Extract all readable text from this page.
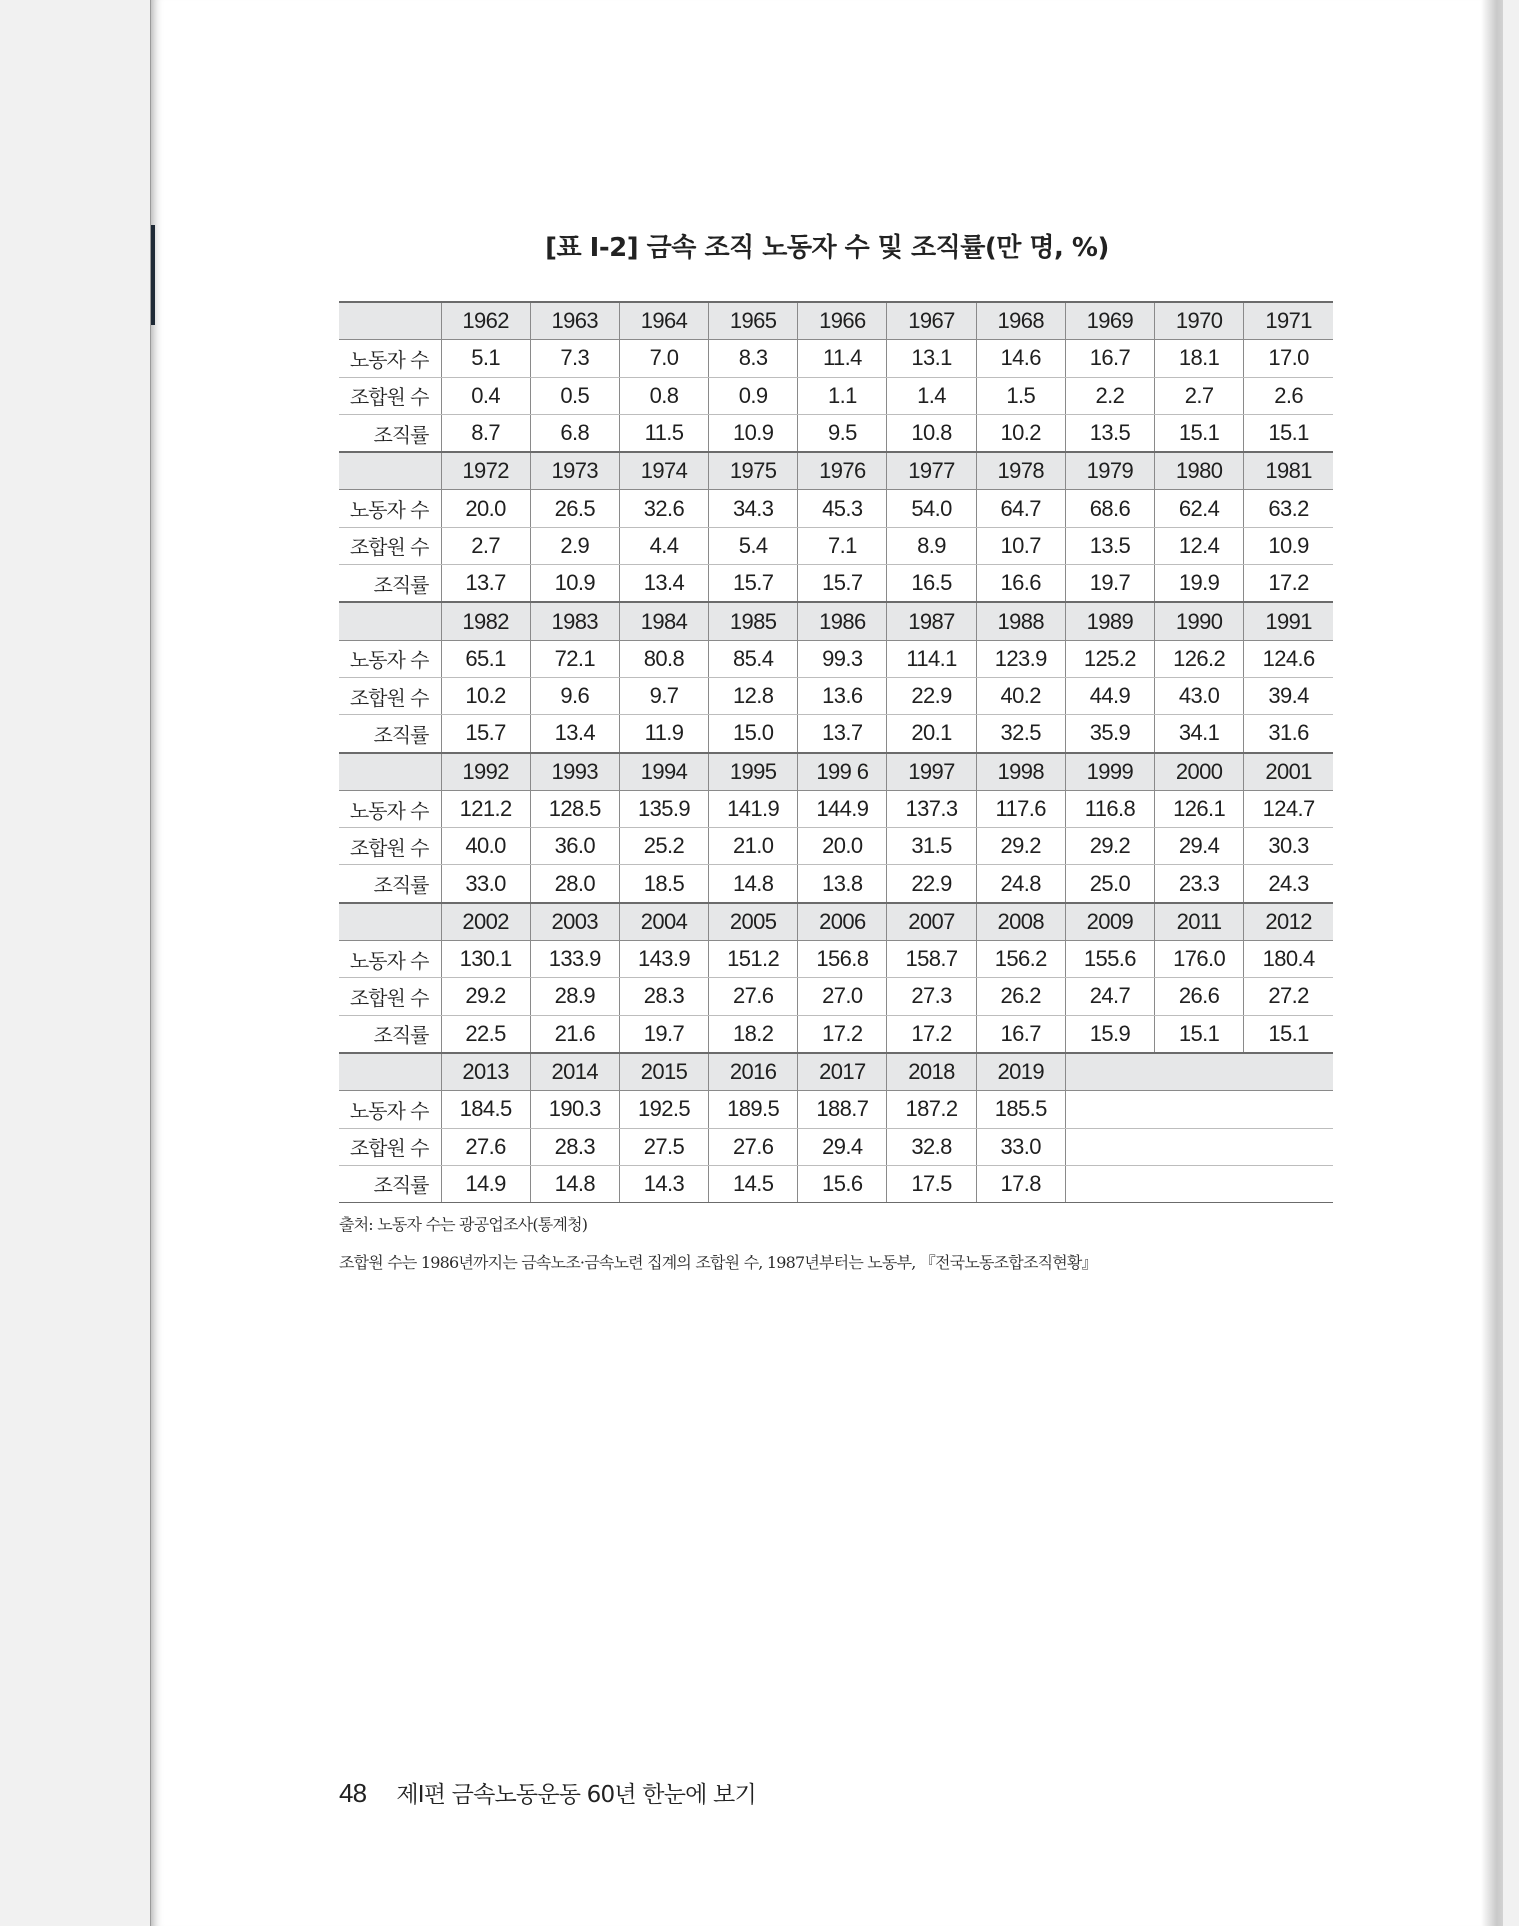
[표 Ⅰ-2] 금속 조직 노동자 수 및 조직률(만 명, %)
	1962	1963	1964	1965	1966	1967	1968	1969	1970	1971
노동자 수	5.1	7.3	7.0	8.3	11.4	13.1	14.6	16.7	18.1	17.0
조합원 수	0.4	0.5	0.8	0.9	1.1	1.4	1.5	2.2	2.7	2.6
조직률	8.7	6.8	11.5	10.9	9.5	10.8	10.2	13.5	15.1	15.1
	1972	1973	1974	1975	1976	1977	1978	1979	1980	1981
노동자 수	20.0	26.5	32.6	34.3	45.3	54.0	64.7	68.6	62.4	63.2
조합원 수	2.7	2.9	4.4	5.4	7.1	8.9	10.7	13.5	12.4	10.9
조직률	13.7	10.9	13.4	15.7	15.7	16.5	16.6	19.7	19.9	17.2
	1982	1983	1984	1985	1986	1987	1988	1989	1990	1991
노동자 수	65.1	72.1	80.8	85.4	99.3	114.1	123.9	125.2	126.2	124.6
조합원 수	10.2	9.6	9.7	12.8	13.6	22.9	40.2	44.9	43.0	39.4
조직률	15.7	13.4	11.9	15.0	13.7	20.1	32.5	35.9	34.1	31.6
	1992	1993	1994	1995	199 6	1997	1998	1999	2000	2001
노동자 수	121.2	128.5	135.9	141.9	144.9	137.3	117.6	116.8	126.1	124.7
조합원 수	40.0	36.0	25.2	21.0	20.0	31.5	29.2	29.2	29.4	30.3
조직률	33.0	28.0	18.5	14.8	13.8	22.9	24.8	25.0	23.3	24.3
	2002	2003	2004	2005	2006	2007	2008	2009	2011	2012
노동자 수	130.1	133.9	143.9	151.2	156.8	158.7	156.2	155.6	176.0	180.4
조합원 수	29.2	28.9	28.3	27.6	27.0	27.3	26.2	24.7	26.6	27.2
조직률	22.5	21.6	19.7	18.2	17.2	17.2	16.7	15.9	15.1	15.1
	2013	2014	2015	2016	2017	2018	2019			
노동자 수	184.5	190.3	192.5	189.5	188.7	187.2	185.5			
조합원 수	27.6	28.3	27.5	27.6	29.4	32.8	33.0			
조직률	14.9	14.8	14.3	14.5	15.6	17.5	17.8			
출처: 노동자 수는 광공업조사(통계청)
조합원 수는 1986년까지는 금속노조·금속노련 집계의 조합원 수, 1987년부터는 노동부, 『전국노동조합조직현황』
48 제Ⅰ편 금속노동운동 60년 한눈에 보기
